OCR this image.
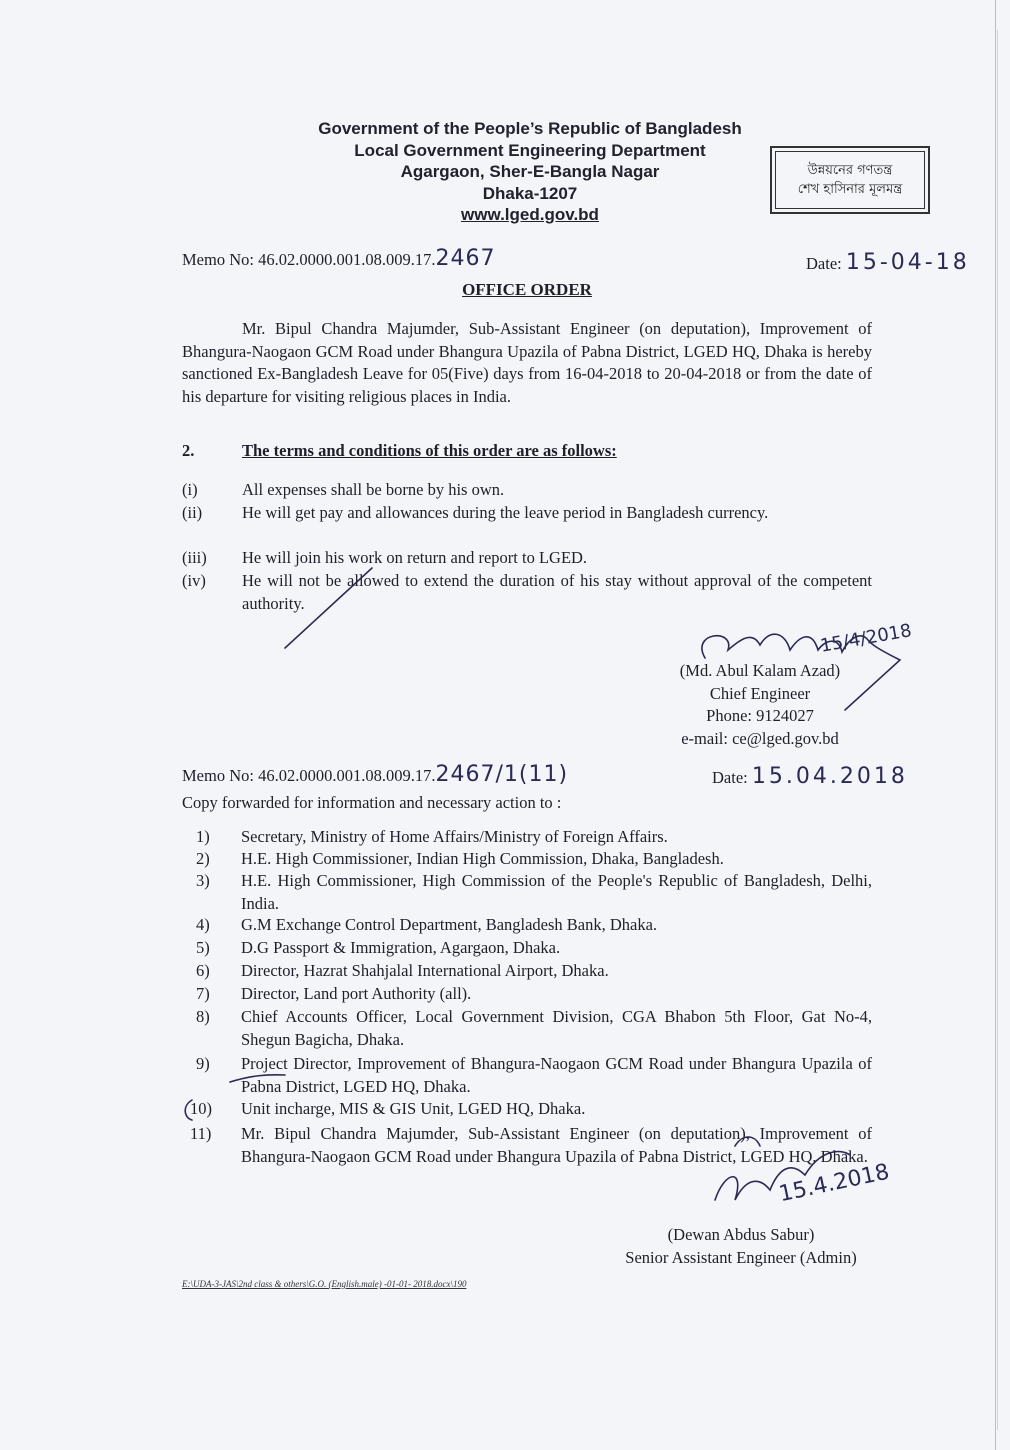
Government of the People’s Republic of Bangladesh
Local Government Engineering Department
Agargaon, Sher-E-Bangla Nagar
Dhaka-1207
www.lged.gov.bd
উন্নয়নের গণতন্ত্র
শেখ হাসিনার মূলমন্ত্র
Memo No: 46.02.0000.001.08.009.17.2467	Date: 15-04-18
OFFICE ORDER
Mr. Bipul Chandra Majumder, Sub-Assistant Engineer (on deputation), Improvement of Bhangura-Naogaon GCM Road under Bhangura Upazila of Pabna District, LGED HQ, Dhaka is hereby sanctioned Ex-Bangladesh Leave for 05(Five) days from 16-04-2018 to 20-04-2018 or from the date of his departure for visiting religious places in India.
2.	The terms and conditions of this order are as follows:
(i)	All expenses shall be borne by his own.
(ii) He will get pay and allowances during the leave period in Bangladesh currency.
(iii) He will join his work on return and report to LGED.
(iv) He will not be allowed to extend the duration of his stay without approval of the competent authority.
(Md. Abul Kalam Azad)
Chief Engineer
Phone: 9124027
e-mail: ce@lged.gov.bd
Memo No: 46.02.0000.001.08.009.17.2467/1(11)	Date: 15.04.2018
Copy forwarded for information and necessary action to :
1) Secretary, Ministry of Home Affairs/Ministry of Foreign Affairs.
2) H.E. High Commissioner, Indian High Commission, Dhaka, Bangladesh.
3) H.E. High Commissioner, High Commission of the People's Republic of Bangladesh, Delhi, India.
4) G.M Exchange Control Department, Bangladesh Bank, Dhaka.
5) D.G Passport & Immigration, Agargaon, Dhaka.
6) Director, Hazrat Shahjalal International Airport, Dhaka.
7) Director, Land port Authority (all).
8) Chief Accounts Officer, Local Government Division, CGA Bhabon 5th Floor, Gat No-4, Shegun Bagicha, Dhaka.
9) Project Director, Improvement of Bhangura-Naogaon GCM Road under Bhangura Upazila of Pabna District, LGED HQ, Dhaka.
10) Unit incharge, MIS & GIS Unit, LGED HQ, Dhaka.
11) Mr. Bipul Chandra Majumder, Sub-Assistant Engineer (on deputation), Improvement of Bhangura-Naogaon GCM Road under Bhangura Upazila of Pabna District, LGED HQ, Dhaka.
(Dewan Abdus Sabur)
Senior Assistant Engineer (Admin)
E:\UDA-3-JAS\2nd class & others\G.O. (English.male) -01-01- 2018.docx\190
15.4.2018
15/4/2018
